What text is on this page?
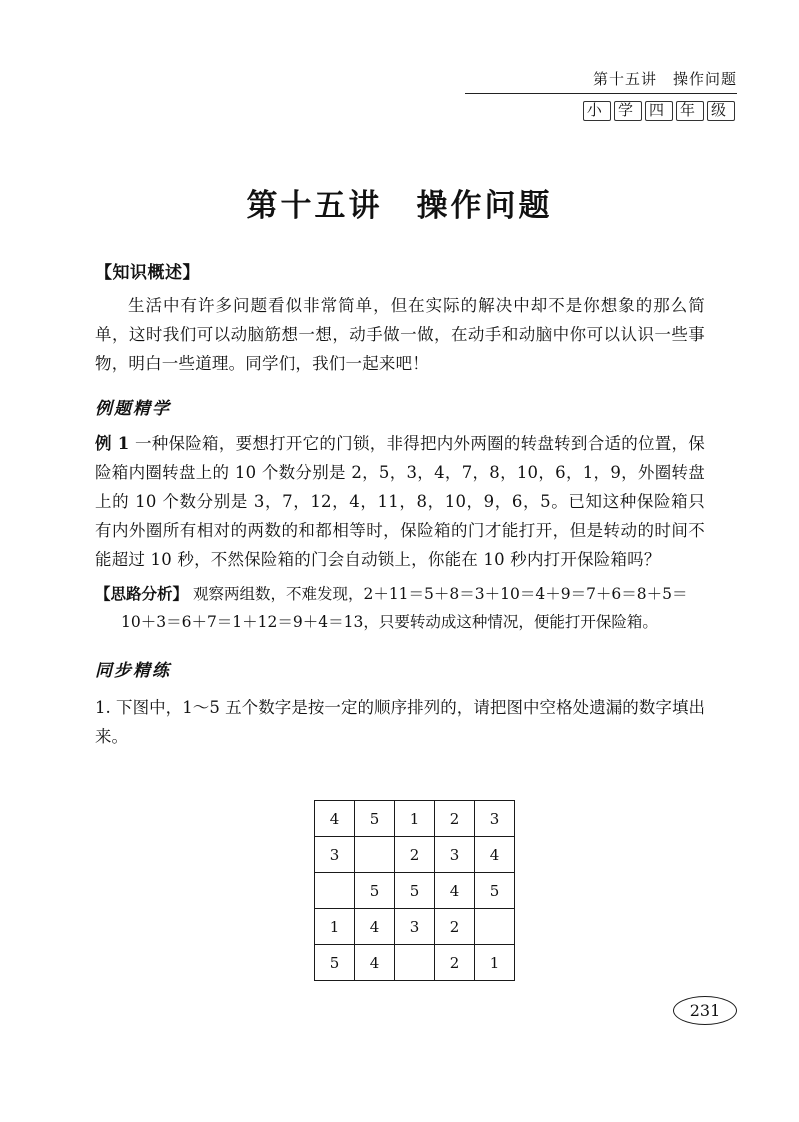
第十五讲　操作问题
小 学 四 年 级
第十五讲　操作问题
【知识概述】

生活中有许多问题看似非常简单，但在实际的解决中却不是你想象的那么简单，这时我们可以动脑筋想一想，动手做一做，在动手和动脑中你可以认识一些事物，明白一些道理。同学们，我们一起来吧！

例题精学
例 1 一种保险箱，要想打开它的门锁，非得把内外两圈的转盘转到合适的位置，保险箱内圈转盘上的 10 个数分别是 2，5，3，4，7，8，10，6，1，9，外圈转盘上的 10 个数分别是 3，7，12，4，11，8，10，9，6，5。已知这种保险箱只有内外圈所有相对的两数的和都相等时，保险箱的门才能打开，但是转动的时间不能超过 10 秒，不然保险箱的门会自动锁上，你能在 10 秒内打开保险箱吗？
【思路分析】 观察两组数，不难发现，2＋11＝5＋8＝3＋10＝4＋9＝7＋6＝8＋5＝10＋3＝6＋7＝1＋12＝9＋4＝13，只要转动成这种情况，便能打开保险箱。
同步精练
1. 下图中，1～5 五个数字是按一定的顺序排列的，请把图中空格处遗漏的数字填出来。
4	5	1	2	3
3		2	3	4
	5	5	4	5
1	4	3	2	
5	4		2	1
231
